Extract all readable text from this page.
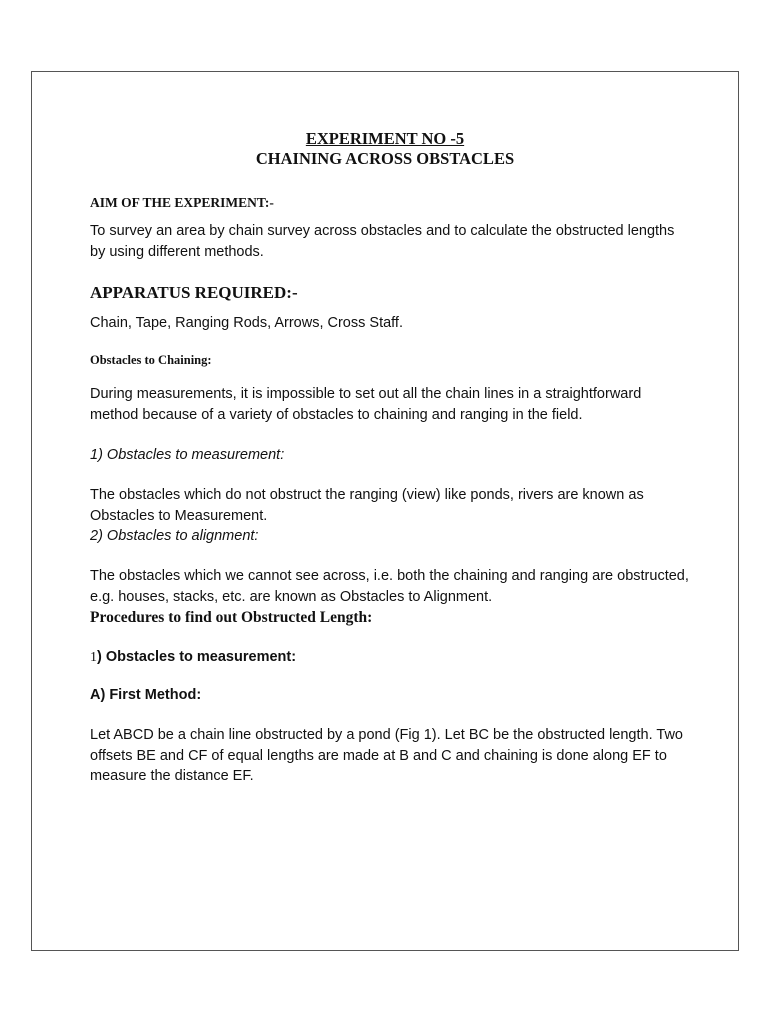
EXPERIMENT NO -5
CHAINING ACROSS OBSTACLES
AIM OF THE EXPERIMENT:-
To survey an area by chain survey across obstacles and to calculate the obstructed lengths by using different methods.
APPARATUS REQUIRED:-
Chain, Tape, Ranging Rods, Arrows, Cross Staff.
Obstacles to Chaining:
During measurements, it is impossible to set out all the chain lines in a straightforward method because of a variety of obstacles to chaining and ranging in the field.
1) Obstacles to measurement:
The obstacles which do not obstruct the ranging (view) like ponds, rivers are known as Obstacles to Measurement.
2) Obstacles to alignment:
The obstacles which we cannot see across, i.e. both the chaining and ranging are obstructed, e.g. houses, stacks, etc. are known as Obstacles to Alignment.
Procedures to find out Obstructed Length:
1) Obstacles to measurement:
A) First Method:
Let ABCD be a chain line obstructed by a pond (Fig 1). Let BC be the obstructed length. Two offsets BE and CF of equal lengths are made at B and C and chaining is done along EF to measure the distance EF.
